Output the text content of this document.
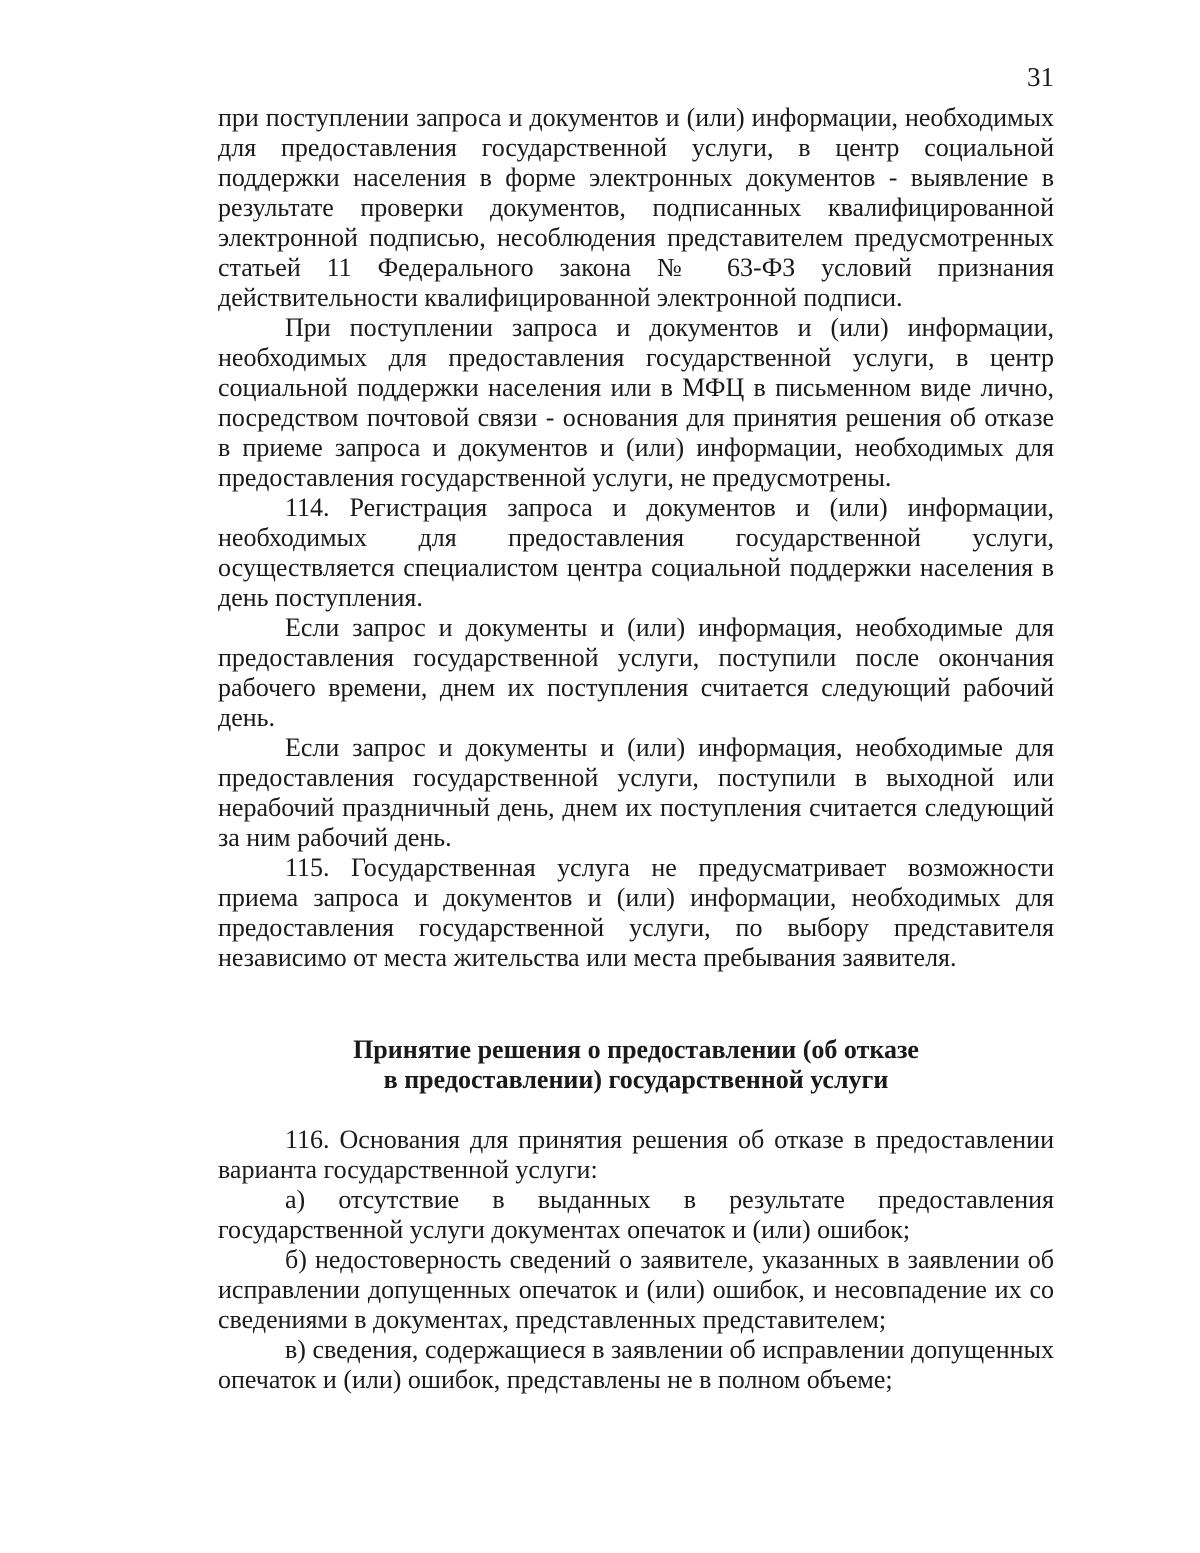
31

при поступлении запроса и документов и (или) информации, необходимых для предоставления государственной услуги, в центр социальной поддержки населения в форме электронных документов - выявление в результате проверки документов, подписанных квалифицированной электронной подписью, несоблюдения представителем предусмотренных статьей 11 Федерального закона № 63-ФЗ условий признания действительности квалифицированной электронной подписи.

При поступлении запроса и документов и (или) информации, необходимых для предоставления государственной услуги, в центр социальной поддержки населения или в МФЦ в письменном виде лично, посредством почтовой связи - основания для принятия решения об отказе в приеме запроса и документов и (или) информации, необходимых для предоставления государственной услуги, не предусмотрены.

114. Регистрация запроса и документов и (или) информации, необходимых для предоставления государственной услуги, осуществляется специалистом центра социальной поддержки населения в день поступления.

Если запрос и документы и (или) информация, необходимые для предоставления государственной услуги, поступили после окончания рабочего времени, днем их поступления считается следующий рабочий день.

Если запрос и документы и (или) информация, необходимые для предоставления государственной услуги, поступили в выходной или нерабочий праздничный день, днем их поступления считается следующий за ним рабочий день.

115. Государственная услуга не предусматривает возможности приема запроса и документов и (или) информации, необходимых для предоставления государственной услуги, по выбору представителя независимо от места жительства или места пребывания заявителя.

Принятие решения о предоставлении (об отказе

в предоставлении) государственной услуги

116. Основания для принятия решения об отказе в предоставлении варианта государственной услуги:

а) отсутствие в выданных в результате предоставления государственной услуги документах опечаток и (или) ошибок;

б) недостоверность сведений о заявителе, указанных в заявлении об исправлении допущенных опечаток и (или) ошибок, и несовпадение их со сведениями в документах, представленных представителем;

в) сведения, содержащиеся в заявлении об исправлении допущенных опечаток и (или) ошибок, представлены не в полном объеме;
